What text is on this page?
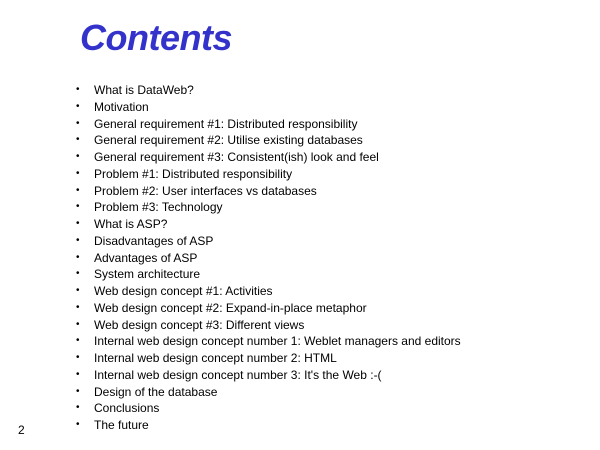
Contents
• What is DataWeb?
• Motivation
• General requirement #1: Distributed responsibility
• General requirement #2: Utilise existing databases
• General requirement #3: Consistent(ish) look and feel
• Problem #1: Distributed responsibility
• Problem #2: User interfaces vs databases
• Problem #3: Technology
• What is ASP?
• Disadvantages of ASP
• Advantages of ASP
• System architecture
• Web design concept #1: Activities
• Web design concept #2: Expand-in-place metaphor
• Web design concept #3: Different views
• Internal web design concept number 1: Weblet managers and editors
• Internal web design concept number 2: HTML
• Internal web design concept number 3: It's the Web :-(
• Design of the database
• Conclusions
• The future
2
